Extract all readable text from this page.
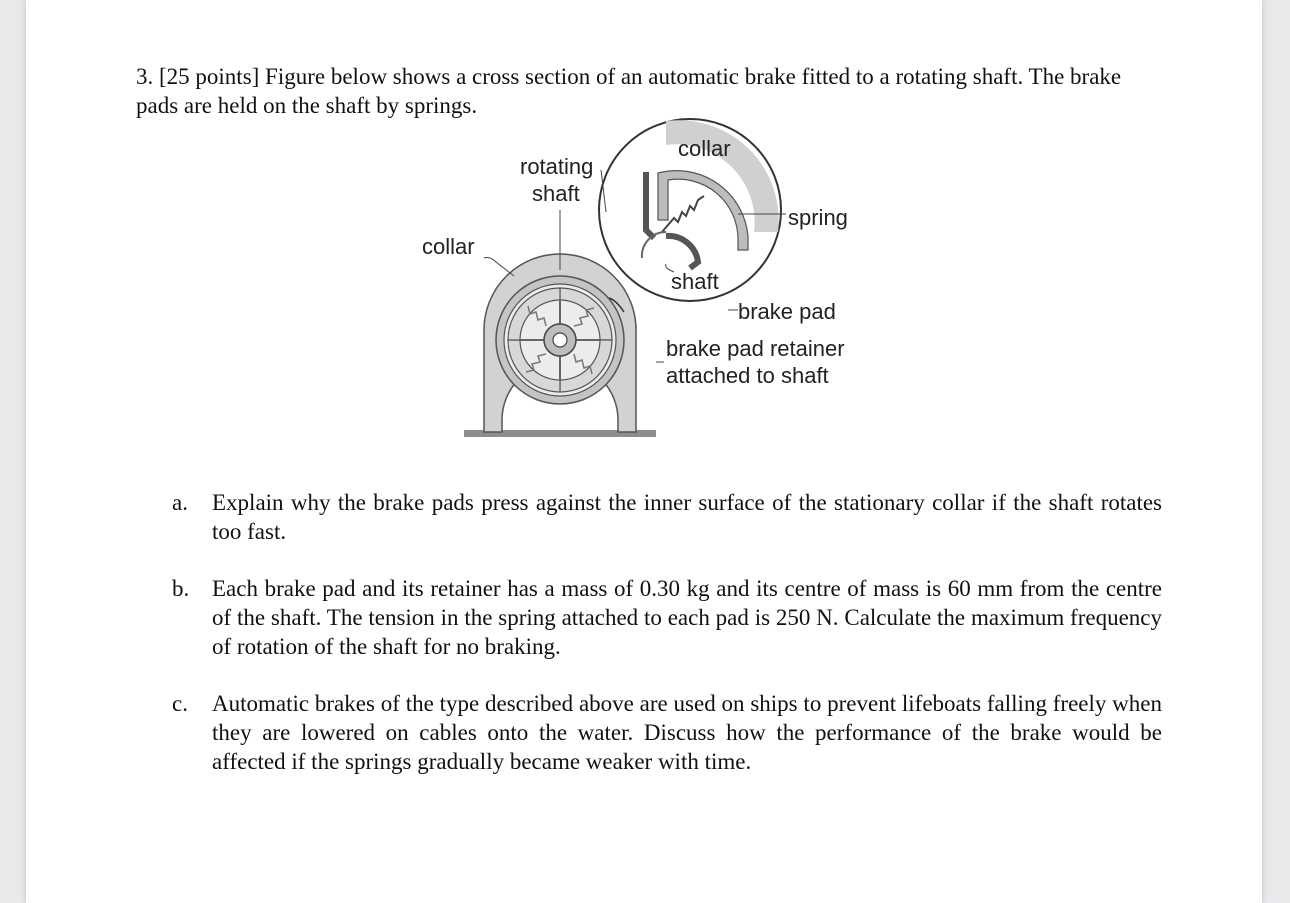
3. [25 points] Figure below shows a cross section of an automatic brake fitted to a rotating shaft. The brake pads are held on the shaft by springs.

collar
rotating
shaft
spring
collar
shaft
brake pad
brake pad retainer
attached to shaft
a. Explain why the brake pads press against the inner surface of the stationary collar if the shaft rotates too fast.
b. Each brake pad and its retainer has a mass of 0.30 kg and its centre of mass is 60 mm from the centre of the shaft. The tension in the spring attached to each pad is 250 N. Calculate the maximum frequency of rotation of the shaft for no braking.
c. Automatic brakes of the type described above are used on ships to prevent lifeboats falling freely when they are lowered on cables onto the water. Discuss how the performance of the brake would be affected if the springs gradually became weaker with time.
